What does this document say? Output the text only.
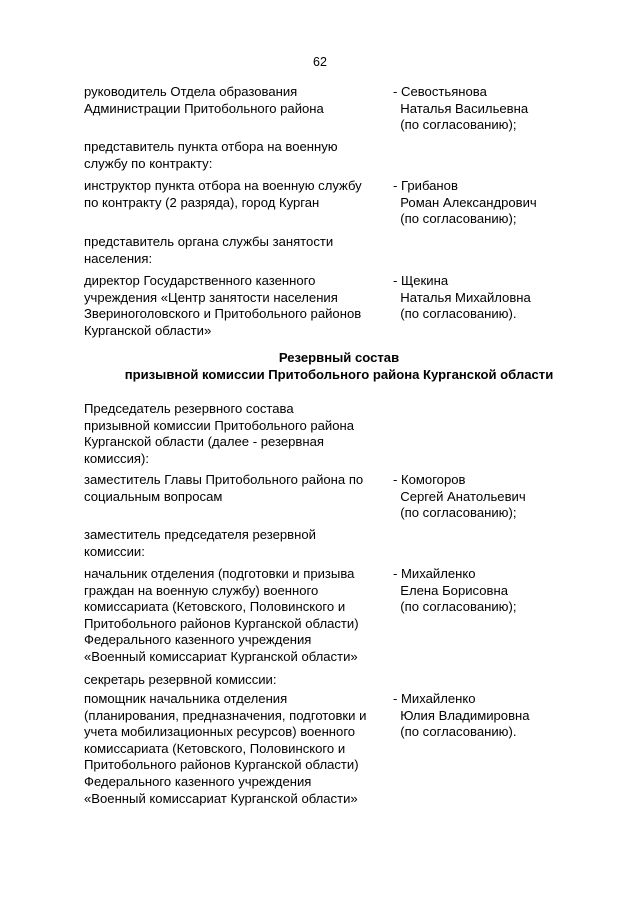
62
руководитель Отдела образования
Администрации Притобольного района
- Севостьянова
Наталья Васильевна
(по согласованию);
представитель пункта отбора на военную
службу по контракту:
инструктор пункта отбора на военную службу
по контракту (2 разряда), город Курган
- Грибанов
Роман Александрович
(по согласованию);
представитель органа службы занятости
населения:
директор Государственного казенного
учреждения «Центр занятости населения
Звериноголовского и Притобольного районов
Курганской области»
- Щекина
Наталья Михайловна
(по согласованию).
Резервный состав
призывной комиссии Притобольного района Курганской области
Председатель резервного состава
призывной комиссии Притобольного района
Курганской области (далее - резервная
комиссия):
заместитель Главы Притобольного района по
социальным вопросам
- Комогоров
Сергей Анатольевич
(по согласованию);
заместитель председателя резервной
комиссии:
начальник отделения (подготовки и призыва
граждан на военную службу) военного
комиссариата (Кетовского, Половинского и
Притобольного районов Курганской области)
Федерального казенного учреждения
«Военный комиссариат Курганской области»
- Михайленко
Елена Борисовна
(по согласованию);
секретарь резервной комиссии:
помощник начальника отделения
(планирования, предназначения, подготовки и
учета мобилизационных ресурсов) военного
комиссариата (Кетовского, Половинского и
Притобольного районов Курганской области)
Федерального казенного учреждения
«Военный комиссариат Курганской области»
- Михайленко
Юлия Владимировна
(по согласованию).
